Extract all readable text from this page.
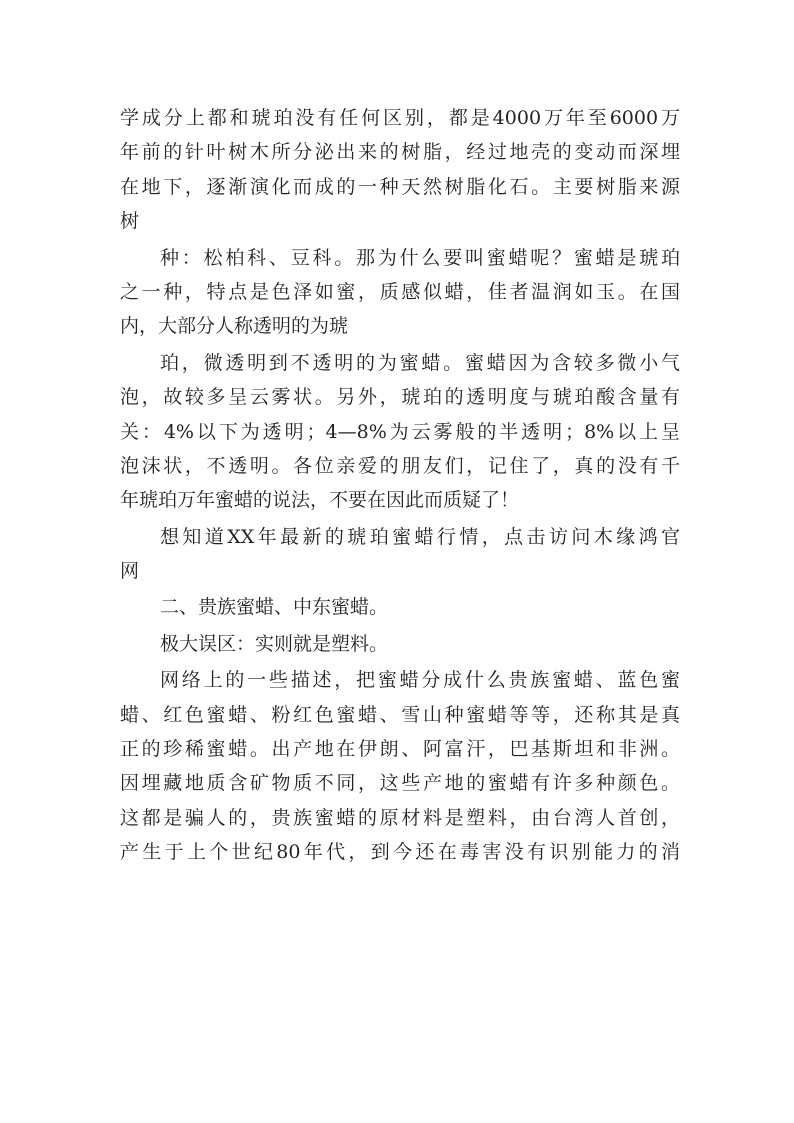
学成分上都和琥珀没有任何区别，都是4000万年至6000万
年前的针叶树木所分泌出来的树脂，经过地壳的变动而深埋
在地下，逐渐演化而成的一种天然树脂化石。主要树脂来源
树
种：松柏科、豆科。那为什么要叫蜜蜡呢？蜜蜡是琥珀
之一种，特点是色泽如蜜，质感似蜡，佳者温润如玉。在国
内，大部分人称透明的为琥
珀，微透明到不透明的为蜜蜡。蜜蜡因为含较多微小气
泡，故较多呈云雾状。另外，琥珀的透明度与琥珀酸含量有
关：4%以下为透明；4—8%为云雾般的半透明；8%以上呈
泡沫状，不透明。各位亲爱的朋友们，记住了，真的没有千
年琥珀万年蜜蜡的说法，不要在因此而质疑了！
想知道XX年最新的琥珀蜜蜡行情，点击访问木缘鸿官
网
二、贵族蜜蜡、中东蜜蜡。
极大误区：实则就是塑料。
网络上的一些描述，把蜜蜡分成什么贵族蜜蜡、蓝色蜜
蜡、红色蜜蜡、粉红色蜜蜡、雪山种蜜蜡等等，还称其是真
正的珍稀蜜蜡。出产地在伊朗、阿富汗，巴基斯坦和非洲。
因埋藏地质含矿物质不同，这些产地的蜜蜡有许多种颜色。
这都是骗人的，贵族蜜蜡的原材料是塑料，由台湾人首创，
产生于上个世纪80年代，到今还在毒害没有识别能力的消
